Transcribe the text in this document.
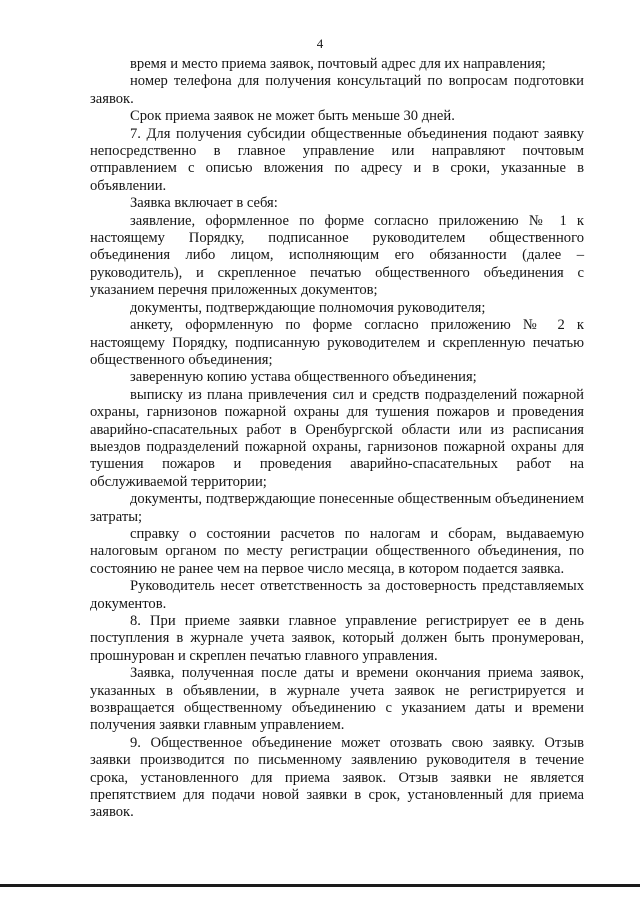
4

время и место приема заявок, почтовый адрес для их направления;

номер телефона для получения консультаций по вопросам подготовки заявок.

Срок приема заявок не может быть меньше 30 дней.

7. Для получения субсидии общественные объединения подают заявку непосредственно в главное управление или направляют почтовым отправлением с описью вложения по адресу и в сроки, указанные в объявлении.

Заявка включает в себя:

заявление, оформленное по форме согласно приложению № 1 к настоящему Порядку, подписанное руководителем общественного объединения либо лицом, исполняющим его обязанности (далее – руководитель), и скрепленное печатью общественного объединения с указанием перечня приложенных документов;

документы, подтверждающие полномочия руководителя;

анкету, оформленную по форме согласно приложению № 2 к настоящему Порядку, подписанную руководителем и скрепленную печатью общественного объединения;

заверенную копию устава общественного объединения;

выписку из плана привлечения сил и средств подразделений пожарной охраны, гарнизонов пожарной охраны для тушения пожаров и проведения аварийно-спасательных работ в Оренбургской области или из расписания выездов подразделений пожарной охраны, гарнизонов пожарной охраны для тушения пожаров и проведения аварийно-спасательных работ на обслуживаемой территории;

документы, подтверждающие понесенные общественным объединением затраты;

справку о состоянии расчетов по налогам и сборам, выдаваемую налоговым органом по месту регистрации общественного объединения, по состоянию не ранее чем на первое число месяца, в котором подается заявка.

Руководитель несет ответственность за достоверность представляемых документов.

8. При приеме заявки главное управление регистрирует ее в день поступления в журнале учета заявок, который должен быть пронумерован, прошнурован и скреплен печатью главного управления.

Заявка, полученная после даты и времени окончания приема заявок, указанных в объявлении, в журнале учета заявок не регистрируется и возвращается общественному объединению с указанием даты и времени получения заявки главным управлением.

9. Общественное объединение может отозвать свою заявку. Отзыв заявки производится по письменному заявлению руководителя в течение срока, установленного для приема заявок. Отзыв заявки не является препятствием для подачи новой заявки в срок, установленный для приема заявок.
